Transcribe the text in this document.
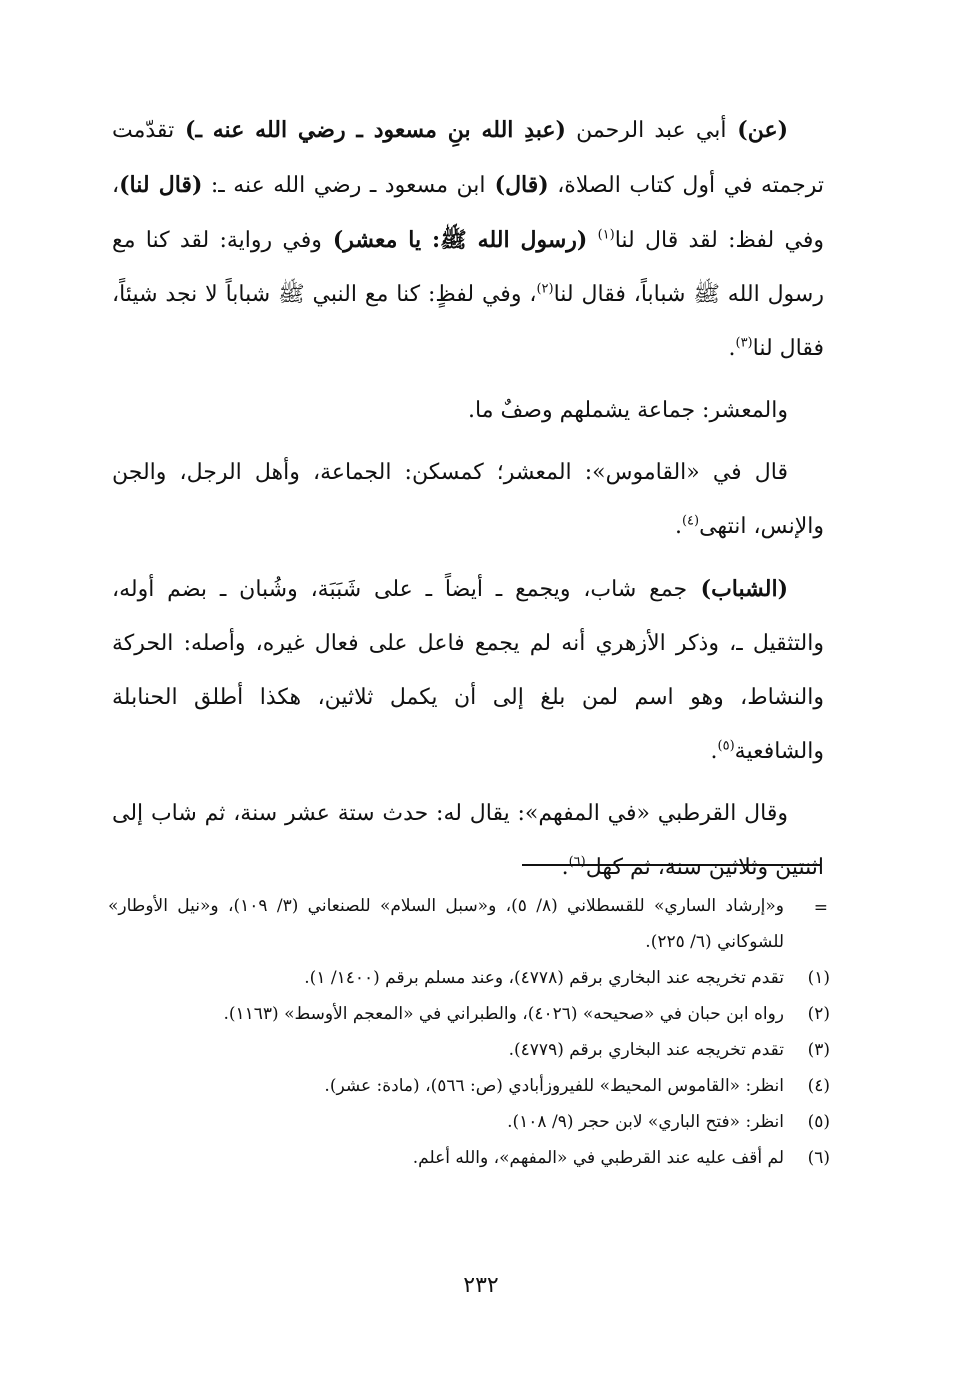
(عن) أبي عبد الرحمن (عبدِ الله بنِ مسعود ـ رضي الله عنه ـ) تقدّمت ترجمته في أول كتاب الصلاة، (قال) ابن مسعود ـ رضي الله عنه ـ: (قال لنا)، وفي لفظ: لقد قال لنا$^{(١)}$ (رسول الله ﷺ: يا معشر) وفي رواية: لقد كنا مع رسول الله ﷺ شباباً، فقال لنا$^{(٢)}$، وفي لفظٍ: كنا مع النبي ﷺ شباباً لا نجد شيئاً، فقال لنا$^{(٣)}$.

والمعشر: جماعة يشملهم وصفٌ ما.

قال في «القاموس»: المعشر؛ كمسكن: الجماعة، وأهل الرجل، والجن والإنس، انتهى$^{(٤)}$.

(الشباب) جمع شاب، ويجمع ـ أيضاً ـ على شَبَبَة، وشُبان ـ بضم أوله، والتثقيل ـ، وذكر الأزهري أنه لم يجمع فاعل على فعال غيره، وأصله: الحركة والنشاط، وهو اسم لمن بلغ إلى أن يكمل ثلاثين، هكذا أطلق الحنابلة والشافعية$^{(٥)}$.

وقال القرطبي «في المفهم»: يقال له: حدث ستة عشر سنة، ثم شاب إلى اثنتين وثلاثين سنة، ثم كهل$^{(٦)}$.

=
و«إرشاد الساري» للقسطلاني (٨/ ٥)، و«سبل السلام» للصنعاني (٣/ ١٠٩)، و«نيل الأوطار» للشوكاني (٦/ ٢٢٥).
(١)
تقدم تخريجه عند البخاري برقم (٤٧٧٨)، وعند مسلم برقم (١٤٠٠/ ١).
(٢)
رواه ابن حبان في «صحيحه» (٤٠٢٦)، والطبراني في «المعجم الأوسط» (١١٦٣).
(٣)
تقدم تخريجه عند البخاري برقم (٤٧٧٩).
(٤)
انظر: «القاموس المحيط» للفيروزأبادي (ص: ٥٦٦)، (مادة: عشر).
(٥)
انظر: «فتح الباري» لابن حجر (٩/ ١٠٨).
(٦)
لم أقف عليه عند القرطبي في «المفهم»، والله أعلم.
٢٣٢
